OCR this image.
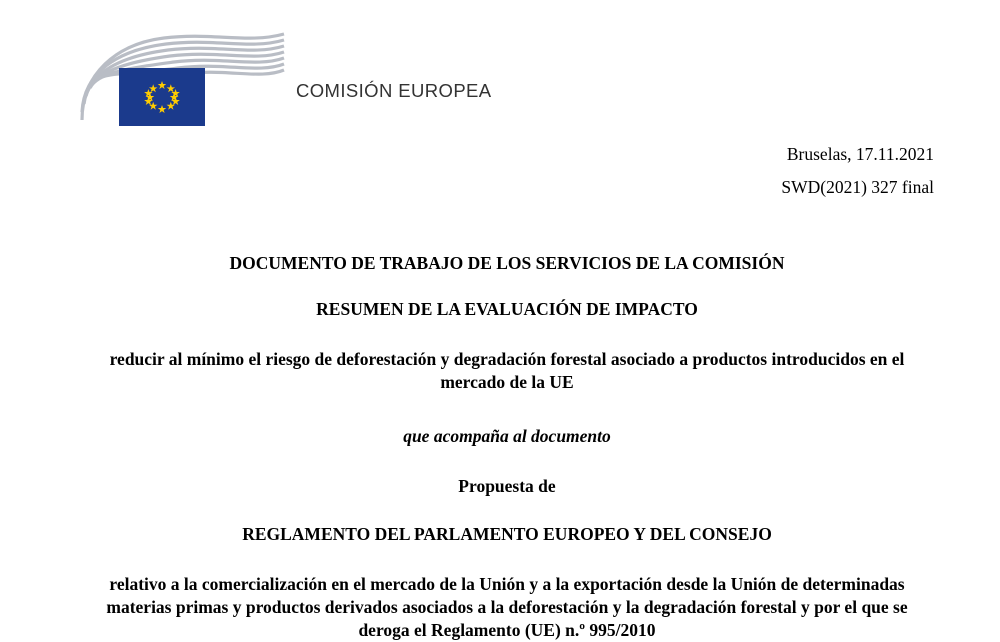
COMISIÓN EUROPEA
Bruselas, 17.11.2021
SWD(2021) 327 final
DOCUMENTO DE TRABAJO DE LOS SERVICIOS DE LA COMISIÓN
RESUMEN DE LA EVALUACIÓN DE IMPACTO
reducir al mínimo el riesgo de deforestación y degradación forestal asociado a productos introducidos en el mercado de la UE
que acompaña al documento
Propuesta de
REGLAMENTO DEL PARLAMENTO EUROPEO Y DEL CONSEJO
relativo a la comercialización en el mercado de la Unión y a la exportación desde la Unión de determinadas materias primas y productos derivados asociados a la deforestación y la degradación forestal y por el que se deroga el Reglamento (UE) n.º 995/2010
